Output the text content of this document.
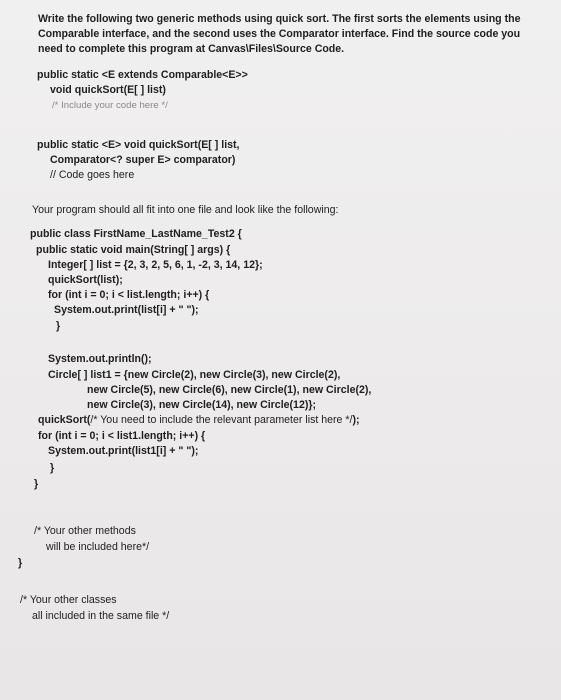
Write the following two generic methods using quick sort. The first sorts the elements using the
Comparable interface, and the second uses the Comparator interface. Find the source code you
need to complete this program at Canvas\Files\Source Code.
public static <E extends Comparable<E>>
void quickSort(E[ ] list)
/* Include your code here */
public static <E> void quickSort(E[ ] list,
Comparator<? super E> comparator)
// Code goes here
Your program should all fit into one file and look like the following:
public class FirstName_LastName_Test2 {
public static void main(String[ ] args) {
Integer[ ] list = {2, 3, 2, 5, 6, 1, -2, 3, 14, 12};
quickSort(list);
for (int i = 0; i < list.length; i++) {
System.out.print(list[i] + " ");
}
System.out.println();
Circle[ ] list1 = {new Circle(2), new Circle(3), new Circle(2),
new Circle(5), new Circle(6), new Circle(1), new Circle(2),
new Circle(3), new Circle(14), new Circle(12)};
quickSort(/* You need to include the relevant parameter list here */);
for (int i = 0; i < list1.length; i++) {
System.out.print(list1[i] + " ");
}
}
/* Your other methods
will be included here*/
}
/* Your other classes
all included in the same file */
